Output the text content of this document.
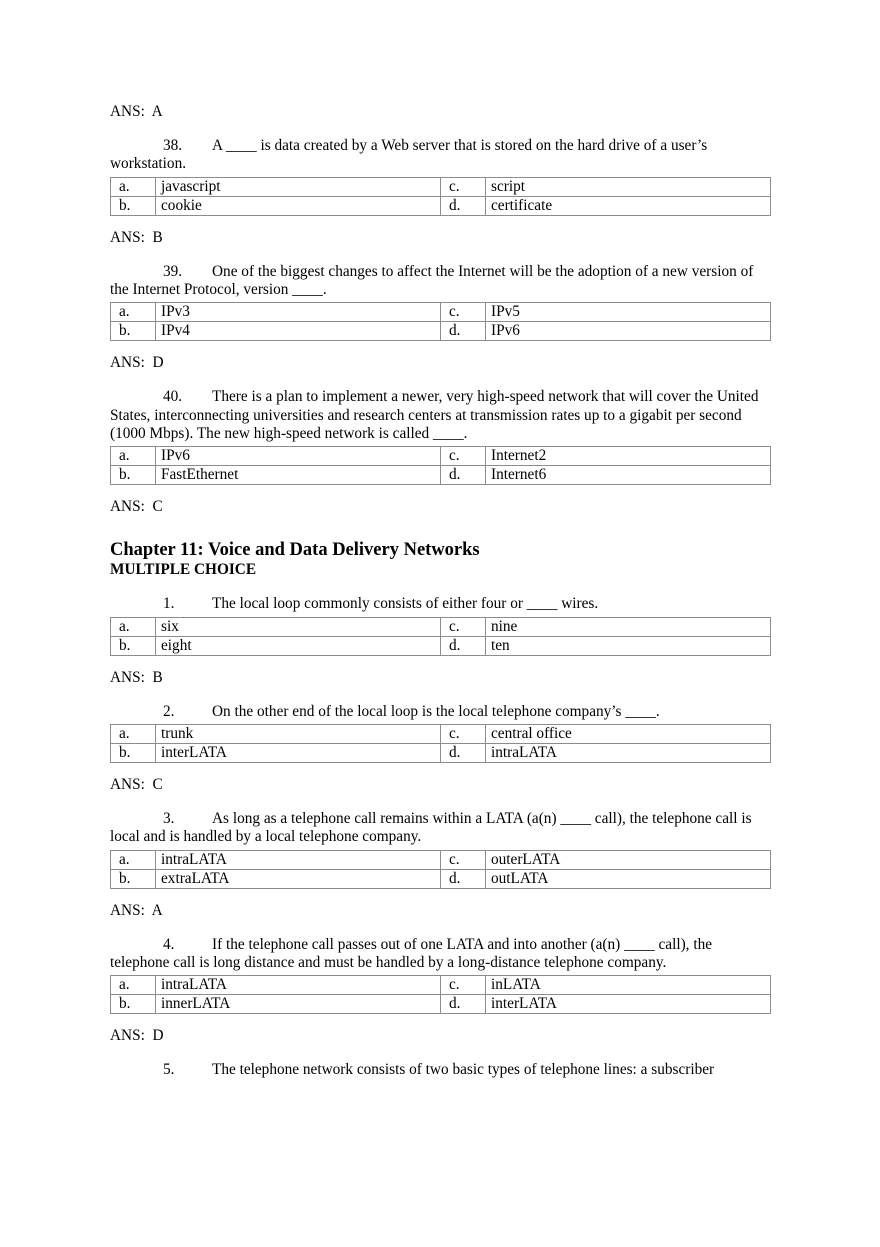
ANS:  A

38. A ____ is data created by a Web server that is stored on the hard drive of a user’s workstation.

a.	javascript	c.	script
b.	cookie	d.	certificate

ANS:  B

39. One of the biggest changes to affect the Internet will be the adoption of a new version of the Internet Protocol, version ____.

a.	IPv3	c.	IPv5
b.	IPv4	d.	IPv6

ANS:  D

40. There is a plan to implement a newer, very high-speed network that will cover the United States, interconnecting universities and research centers at transmission rates up to a gigabit per second (1000 Mbps). The new high-speed network is called ____.

a.	IPv6	c.	Internet2
b.	FastEthernet	d.	Internet6

ANS:  C

Chapter 11: Voice and Data Delivery Networks
MULTIPLE CHOICE

1. The local loop commonly consists of either four or ____ wires.

a.	six	c.	nine
b.	eight	d.	ten

ANS:  B

2. On the other end of the local loop is the local telephone company’s ____.

a.	trunk	c.	central office
b.	interLATA	d.	intraLATA

ANS:  C

3. As long as a telephone call remains within a LATA (a(n) ____ call), the telephone call is local and is handled by a local telephone company.

a.	intraLATA	c.	outerLATA
b.	extraLATA	d.	outLATA

ANS:  A

4. If the telephone call passes out of one LATA and into another (a(n) ____ call), the telephone call is long distance and must be handled by a long-distance telephone company.

a.	intraLATA	c.	inLATA
b.	innerLATA	d.	interLATA

ANS:  D

5. The telephone network consists of two basic types of telephone lines: a subscriber
